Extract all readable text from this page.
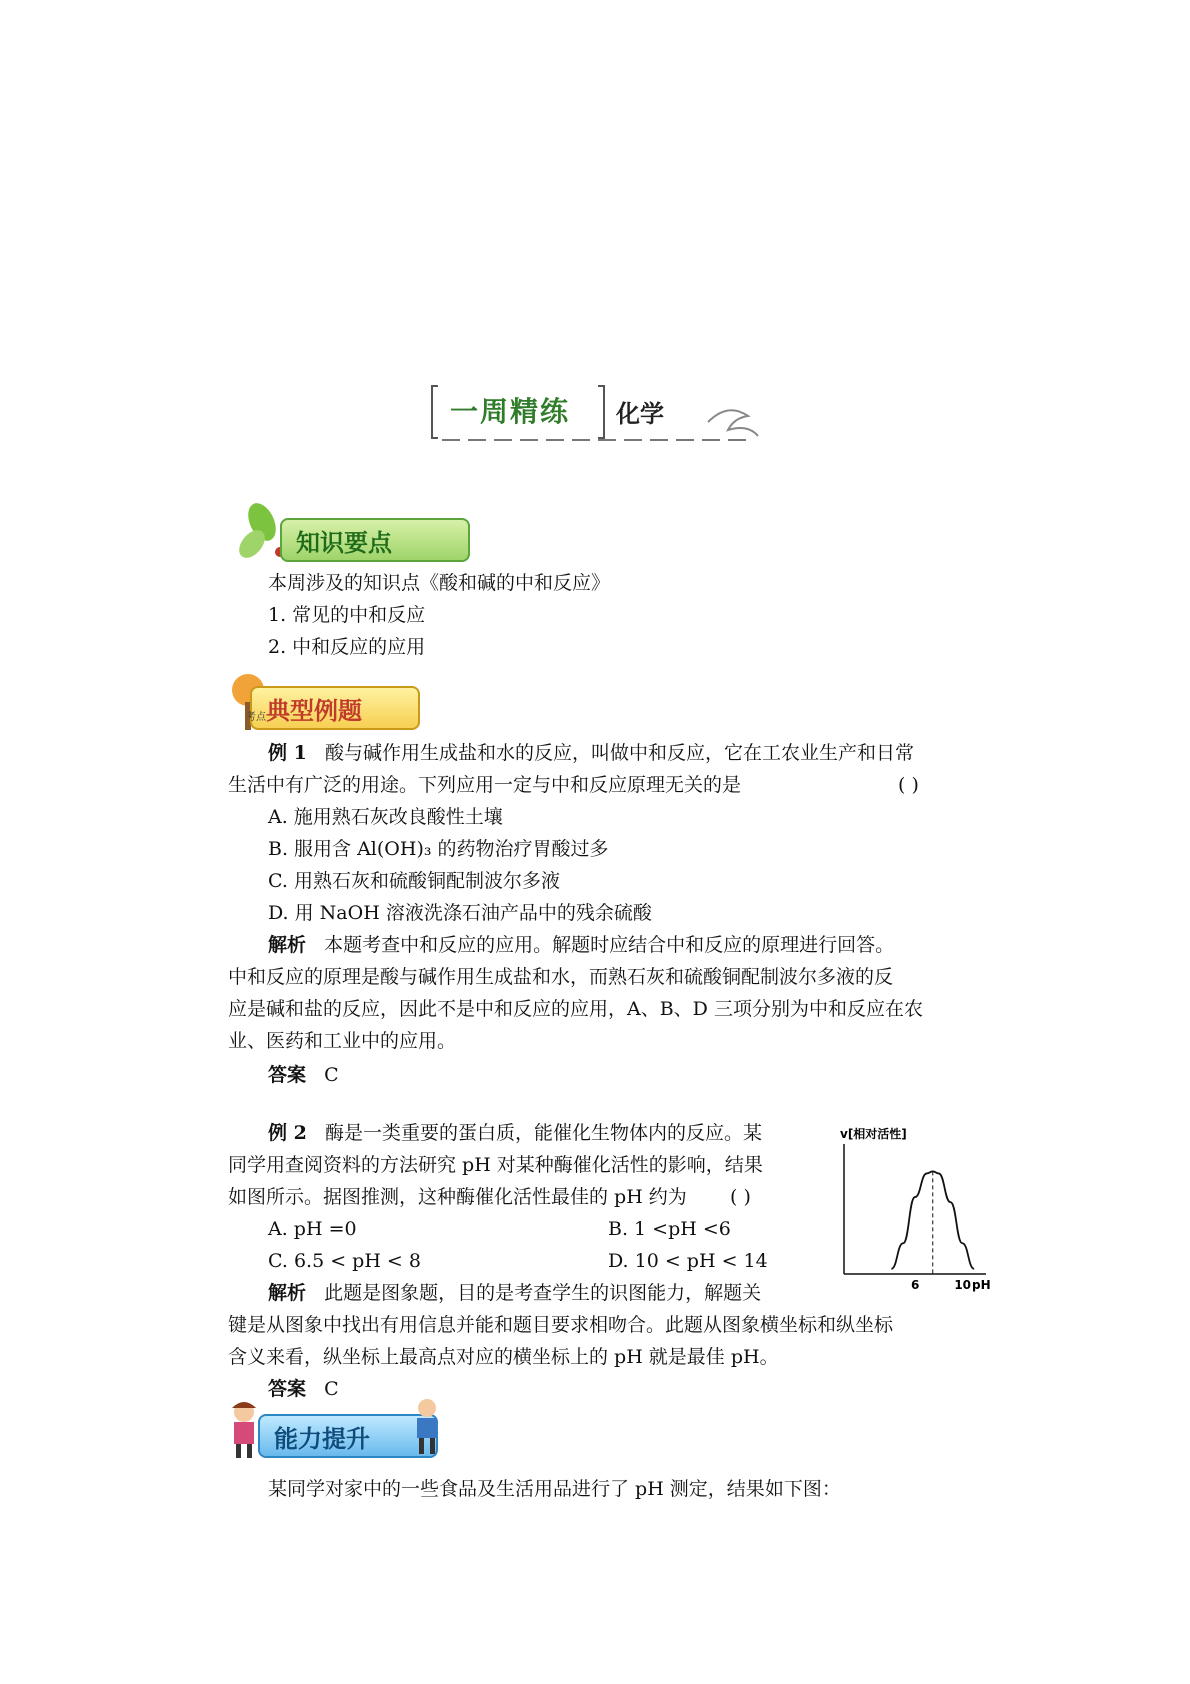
一周精练 化学
知识要点
本周涉及的知识点《酸和碱的中和反应》
1. 常见的中和反应
2. 中和反应的应用
典型例题
考点
例 1 酸与碱作用生成盐和水的反应，叫做中和反应，它在工农业生产和日常
生活中有广泛的用途。下列应用一定与中和反应原理无关的是	( )
A. 施用熟石灰改良酸性土壤
B. 服用含 Al(OH)₃ 的药物治疗胃酸过多
C. 用熟石灰和硫酸铜配制波尔多液
D. 用 NaOH 溶液洗涤石油产品中的残余硫酸
解析 本题考查中和反应的应用。解题时应结合中和反应的原理进行回答。
中和反应的原理是酸与碱作用生成盐和水，而熟石灰和硫酸铜配制波尔多液的反
应是碱和盐的反应，因此不是中和反应的应用，A、B、D 三项分别为中和反应在农
业、医药和工业中的应用。
答案 C
例 2 酶是一类重要的蛋白质，能催化生物体内的反应。某
同学用查阅资料的方法研究 pH 对某种酶催化活性的影响，结果
如图所示。据图推测，这种酶催化活性最佳的 pH 约为 ( )
A. pH =0	B. 1 <pH <6
C. 6.5 < pH < 8	D. 10 < pH < 14
解析 此题是图象题，目的是考查学生的识图能力，解题关
键是从图象中找出有用信息并能和题目要求相吻合。此题从图象横坐标和纵坐标
含义来看，纵坐标上最高点对应的横坐标上的 pH 就是最佳 pH。
答案 C
v[相对活性]
pH
6	10
能力提升
某同学对家中的一些食品及生活用品进行了 pH 测定，结果如下图：
